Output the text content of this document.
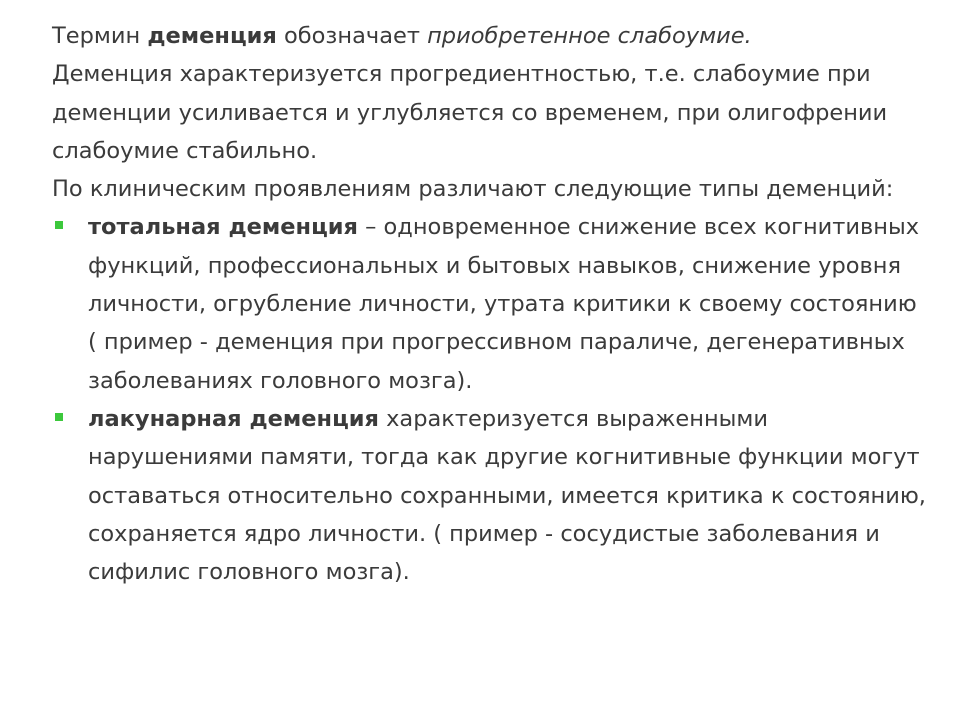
Термин деменция обозначает приобретенное слабоумие.

Деменция характеризуется прогредиентностью, т.е. слабоумие при деменции усиливается и углубляется со временем, при олигофрении слабоумие стабильно.

По клиническим проявлениям различают следующие типы деменций:

тотальная деменция – одновременное снижение всех когнитивных функций, профессиональных и бытовых навыков, снижение уровня личности, огрубление личности, утрата критики к своему состоянию ( пример - деменция при прогрессивном параличе, дегенеративных заболеваниях головного мозга).
лакунарная деменция характеризуется выраженными нарушениями памяти, тогда как другие когнитивные функции могут оставаться относительно сохранными, имеется критика к состоянию, сохраняется ядро личности. ( пример - сосудистые заболевания и сифилис головного мозга).
